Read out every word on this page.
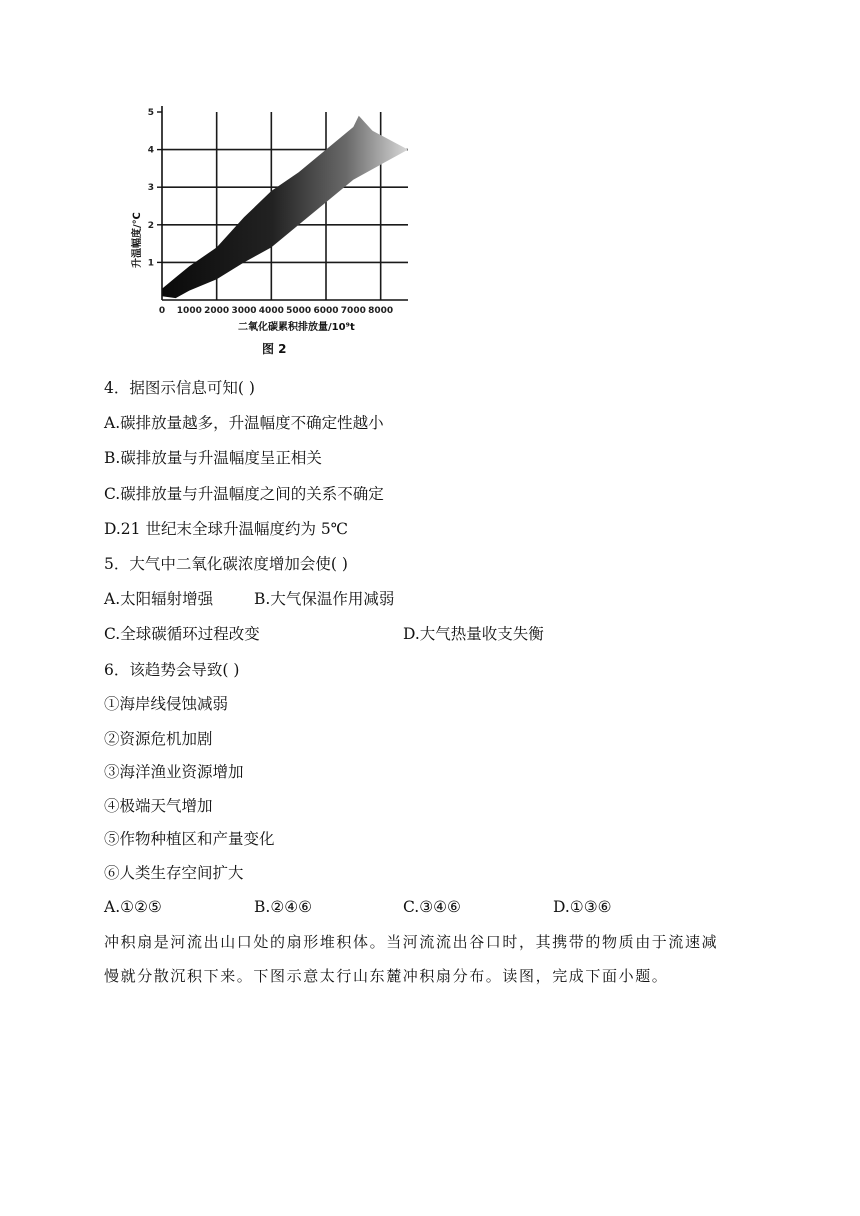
1
2
3
4
5
0 1000 2000 3000 4000 5000 6000 7000 8000
升温幅度/℃
二氧化碳累积排放量/10⁹t
图 2
4．据图示信息可知( )
A.碳排放量越多，升温幅度不确定性越小
B.碳排放量与升温幅度呈正相关
C.碳排放量与升温幅度之间的关系不确定
D.21 世纪末全球升温幅度约为 5℃
5．大气中二氧化碳浓度增加会使( )
A.太阳辐射增强	B.大气保温作用减弱
C.全球碳循环过程改变	D.大气热量收支失衡
6．该趋势会导致( )
①海岸线侵蚀减弱
②资源危机加剧
③海洋渔业资源增加
④极端天气增加
⑤作物种植区和产量变化
⑥人类生存空间扩大
A.①②⑤	B.②④⑥	C.③④⑥	D.①③⑥
冲积扇是河流出山口处的扇形堆积体。当河流流出谷口时，其携带的物质由于流速减
慢就分散沉积下来。下图示意太行山东麓冲积扇分布。读图，完成下面小题。
